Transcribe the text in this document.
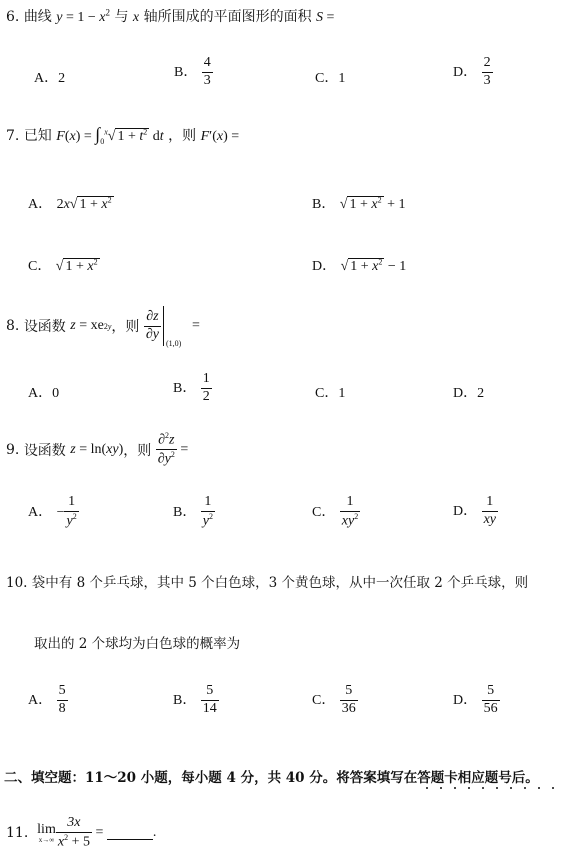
6. 曲线 $y = 1 - x^2$ 与 x 轴所围成的平面图形的面积 S =
A．2	B． $\frac{4}{3}$	C．1	D． $\frac{2}{3}$
7. 已知 $F(x) = \int_0^x√$ $1 + t^2$ dt ，则 F′(x) =
A． 2x√ $1 + x^2$	B． √ $1 + x^2 + 1$
C． √ $1 + x^2$	D． √ $1 + x^2 - 1$
8.
设函数
z = x e 2y ，则
$\frac{\partial z}{\partial y}$
(1,0)
=
A．0	B． $\frac{1}{2}$	C．1	D．2
9.
设函数
z = ln( xy ) ，则
$\frac{\partial^2z}{\partial y^2}$ =
A． − $\frac{1}{y^2}$	B． $\frac{1}{y^2}$	C． $\frac{1}{xy^2}$	D． $\frac{1}{xy}$
10. 袋中有 8 个乒乓球，其中 5 个白色球，3 个黄色球，从中一次任取 2 个乒乓球，则
取出的 2 个球均为白色球的概率为
A． $\frac{5}{8}$	B． $\frac{5}{14}$	C． $\frac{5}{36}$	D． $\frac{5}{56}$
二、填空题：11～20 小题，每小题 4 分，共 40 分。将答案填写在答题卡相应题号后。
11.
lim
$x\to\infty \frac{3x}{x^2 + 5}$ =	.
